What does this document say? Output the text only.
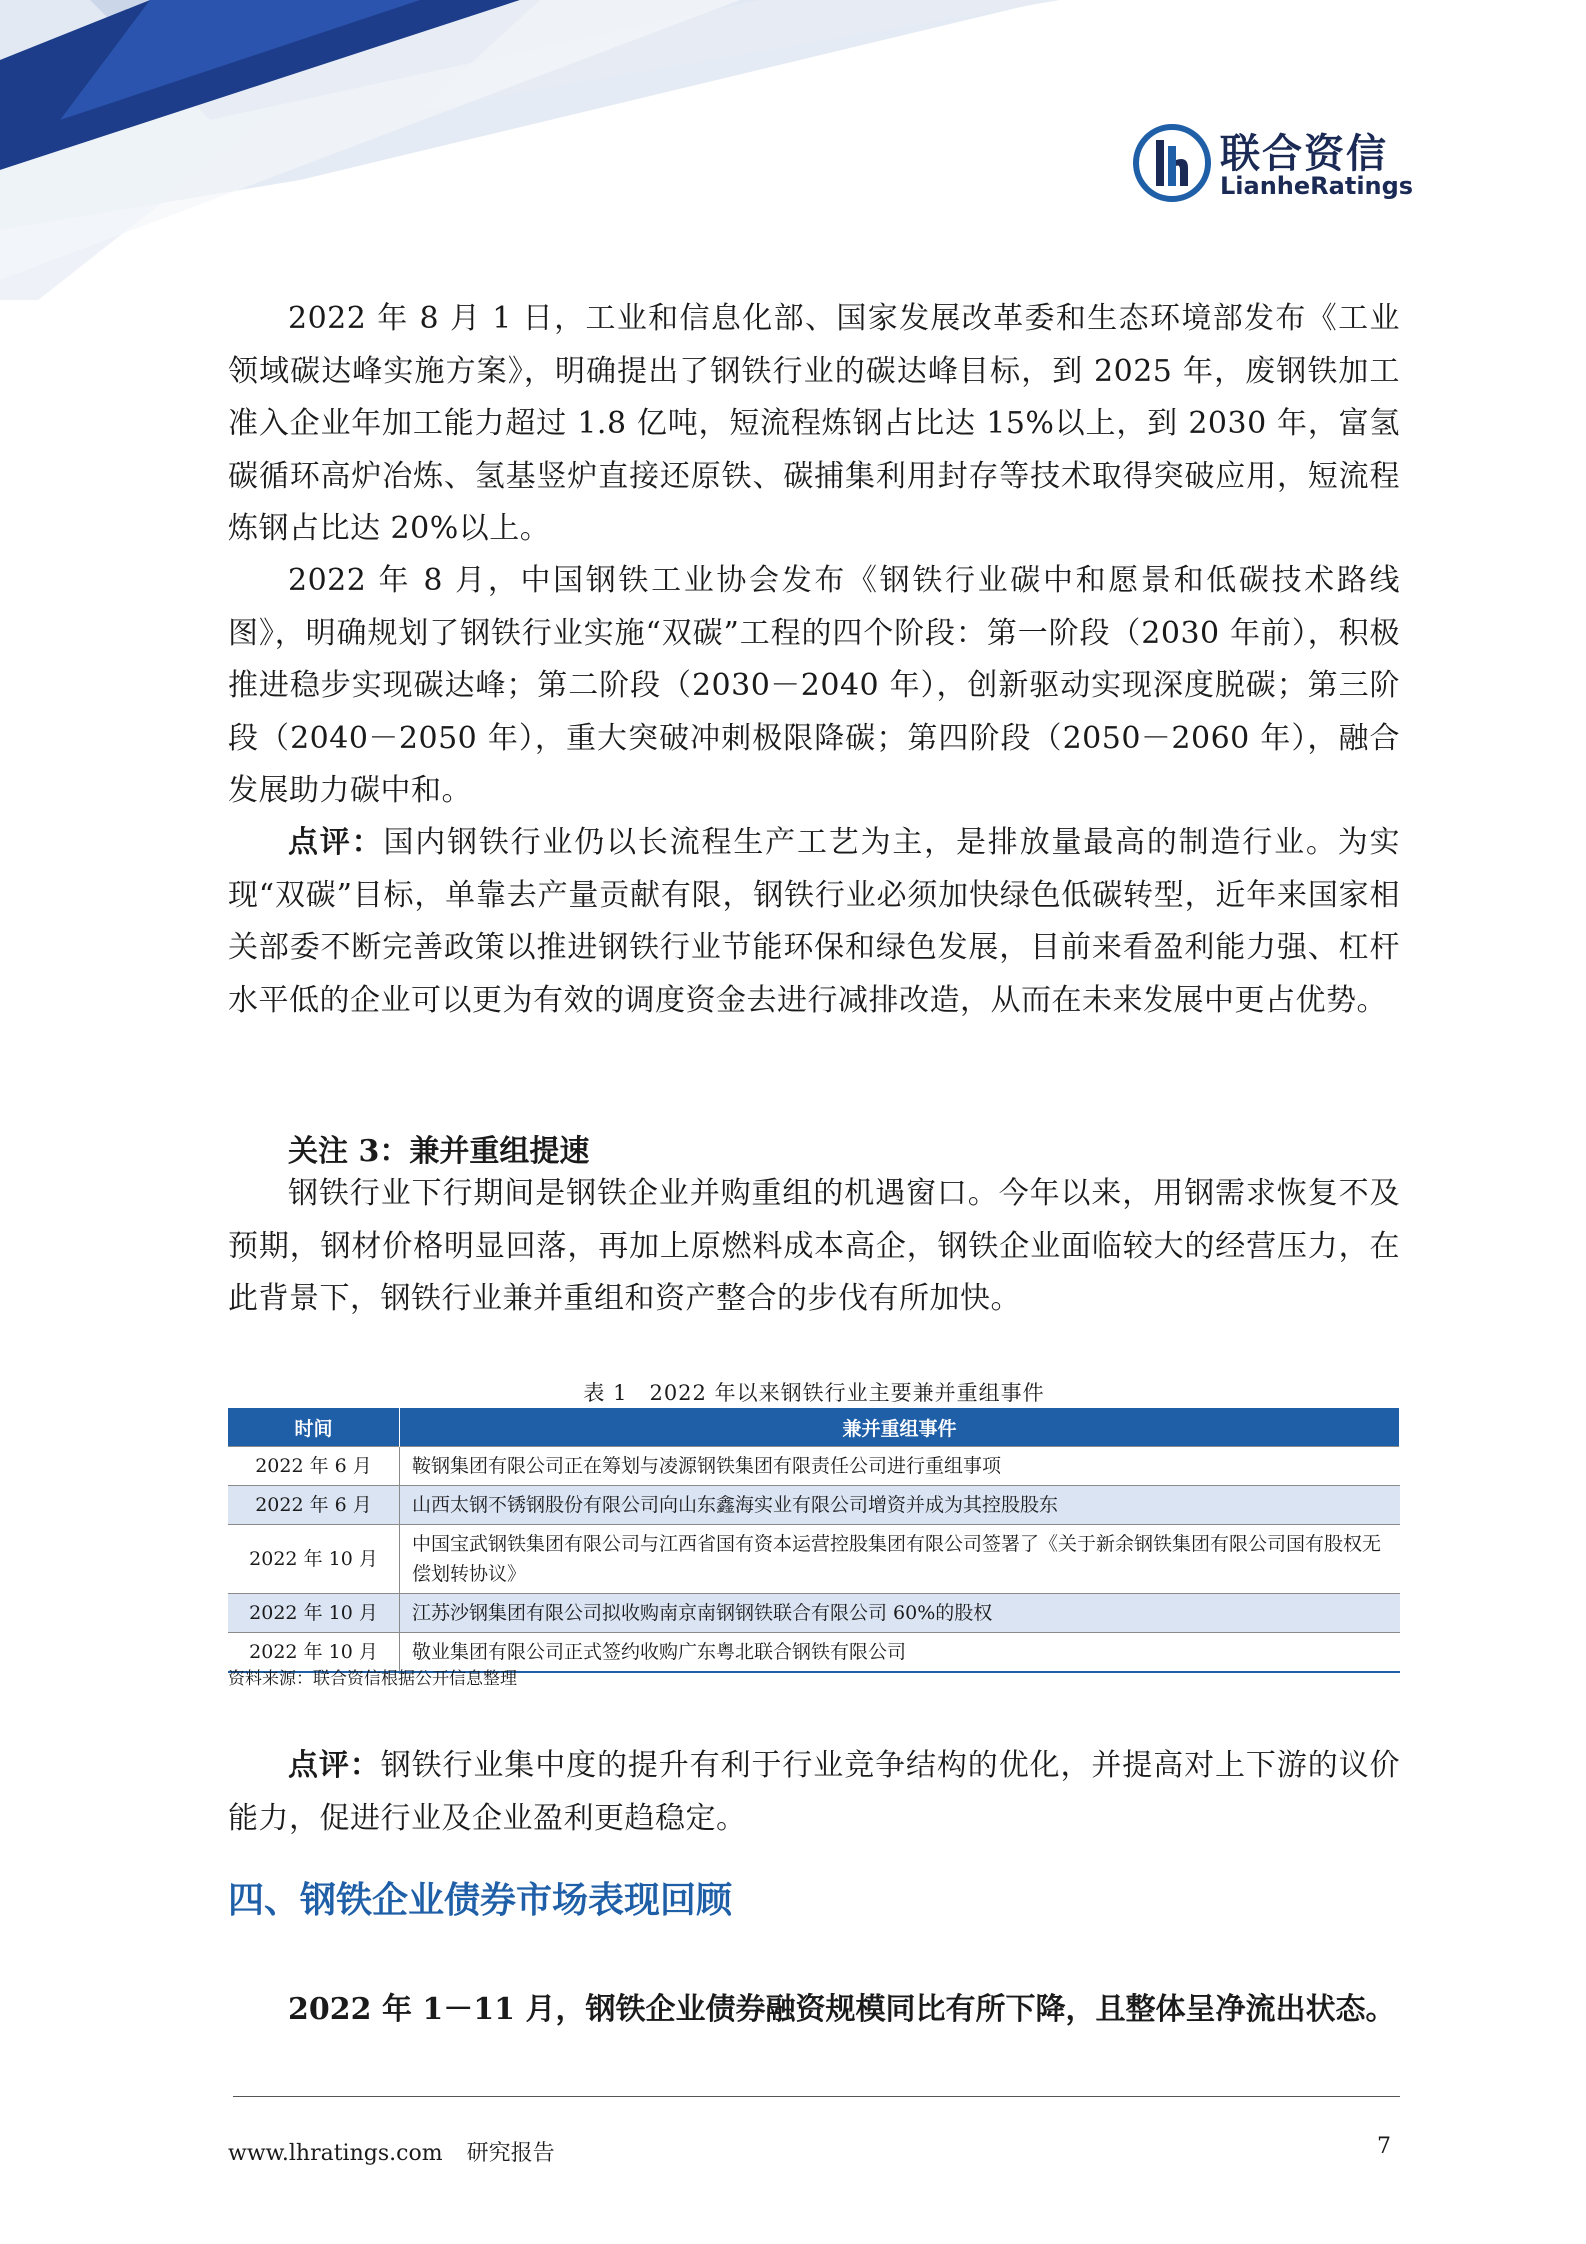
联合资信
LianheRatings

2022 年 8 月 1 日，工业和信息化部、国家发展改革委和生态环境部发布《工业领域碳达峰实施方案》，明确提出了钢铁行业的碳达峰目标，到 2025 年，废钢铁加工准入企业年加工能力超过 1.8 亿吨，短流程炼钢占比达 15%以上，到 2030 年，富氢碳循环高炉冶炼、氢基竖炉直接还原铁、碳捕集利用封存等技术取得突破应用，短流程炼钢占比达 20%以上。

2022 年 8 月，中国钢铁工业协会发布《钢铁行业碳中和愿景和低碳技术路线图》，明确规划了钢铁行业实施“双碳”工程的四个阶段：第一阶段（2030 年前），积极推进稳步实现碳达峰；第二阶段（2030－2040 年），创新驱动实现深度脱碳；第三阶段（2040－2050 年），重大突破冲刺极限降碳；第四阶段（2050－2060 年），融合发展助力碳中和。

点评：国内钢铁行业仍以长流程生产工艺为主，是排放量最高的制造行业。为实现“双碳”目标，单靠去产量贡献有限，钢铁行业必须加快绿色低碳转型，近年来国家相关部委不断完善政策以推进钢铁行业节能环保和绿色发展，目前来看盈利能力强、杠杆水平低的企业可以更为有效的调度资金去进行减排改造，从而在未来发展中更占优势。

关注 3：兼并重组提速

钢铁行业下行期间是钢铁企业并购重组的机遇窗口。今年以来，用钢需求恢复不及预期，钢材价格明显回落，再加上原燃料成本高企，钢铁企业面临较大的经营压力，在此背景下，钢铁行业兼并重组和资产整合的步伐有所加快。

表 1　2022 年以来钢铁行业主要兼并重组事件
时间	兼并重组事件
2022 年 6 月	鞍钢集团有限公司正在筹划与凌源钢铁集团有限责任公司进行重组事项
2022 年 6 月	山西太钢不锈钢股份有限公司向山东鑫海实业有限公司增资并成为其控股股东
2022 年 10 月	中国宝武钢铁集团有限公司与江西省国有资本运营控股集团有限公司签署了《关于新余钢铁集团有限公司国有股权无偿划转协议》
2022 年 10 月	江苏沙钢集团有限公司拟收购南京南钢钢铁联合有限公司 60%的股权
2022 年 10 月	敬业集团有限公司正式签约收购广东粤北联合钢铁有限公司
资料来源：联合资信根据公开信息整理

点评：钢铁行业集中度的提升有利于行业竞争结构的优化，并提高对上下游的议价能力，促进行业及企业盈利更趋稳定。

四、钢铁企业债券市场表现回顾
2022 年 1－11 月，钢铁企业债券融资规模同比有所下降，且整体呈净流出状态。
www.lhratings.com 研究报告	7
